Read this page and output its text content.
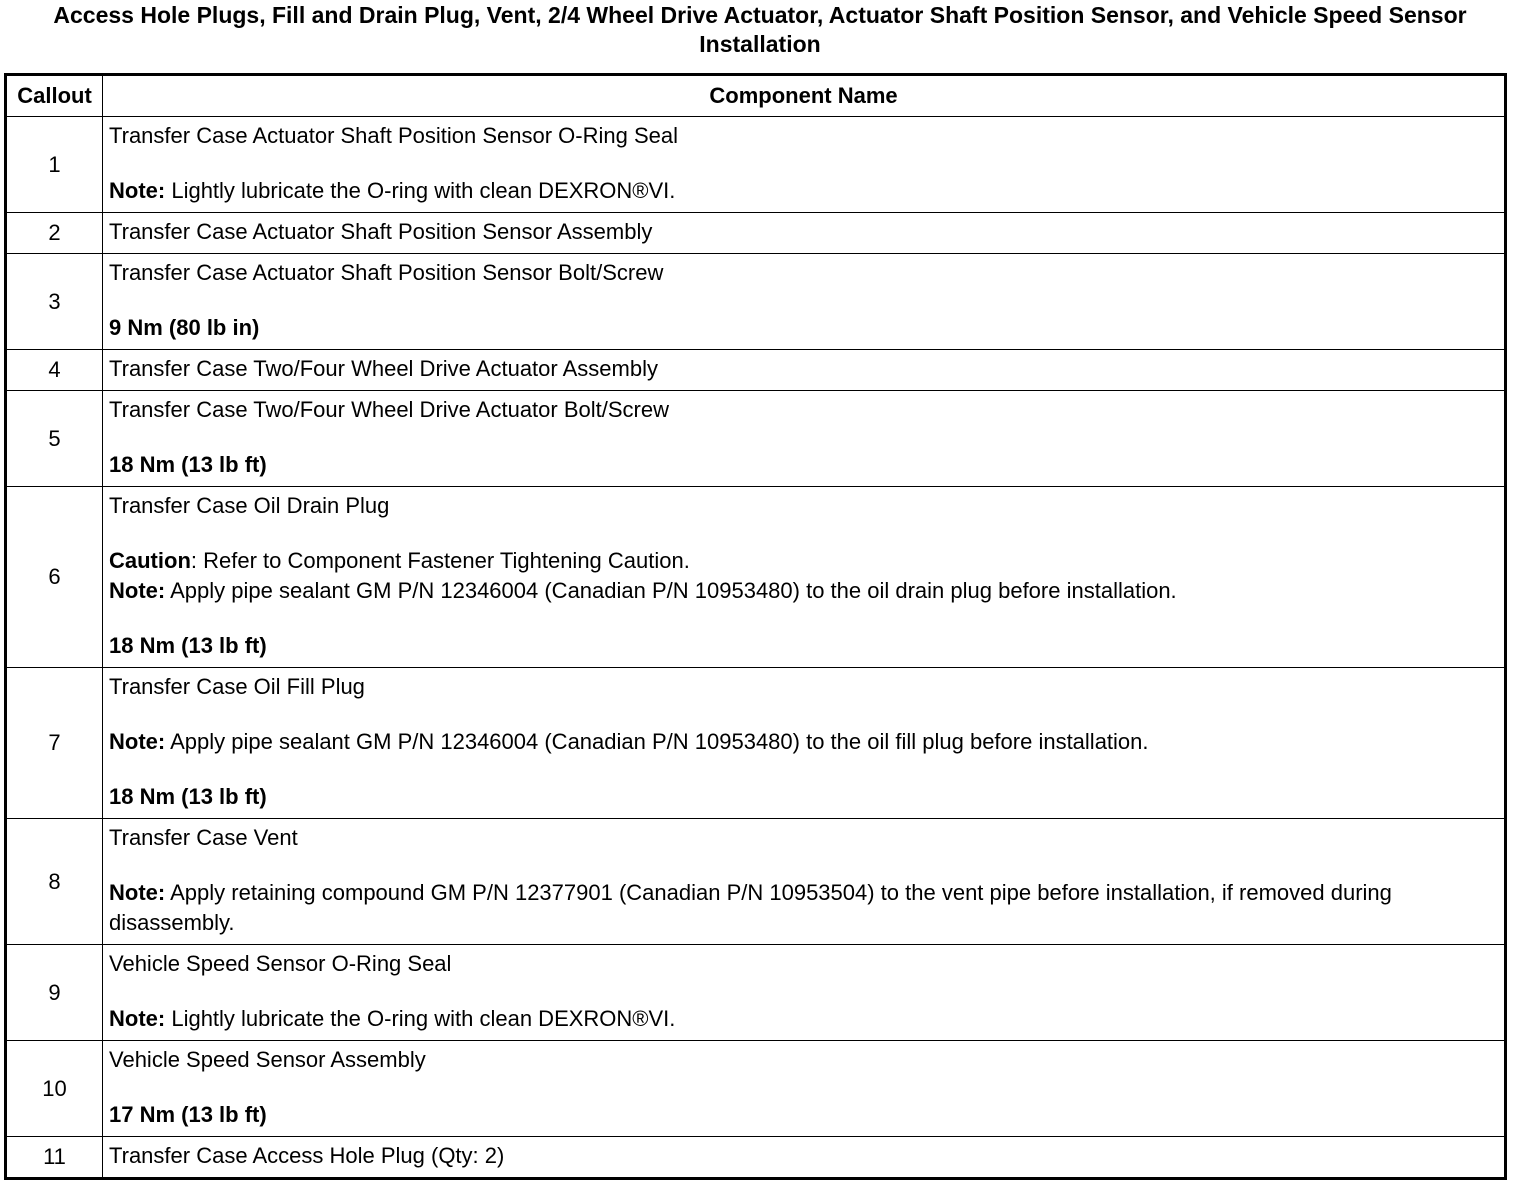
Access Hole Plugs, Fill and Drain Plug, Vent, 2/4 Wheel Drive Actuator, Actuator Shaft Position Sensor, and Vehicle Speed Sensor Installation
Callout	Component Name
1	Transfer Case Actuator Shaft Position Sensor O-Ring Seal
Note: Lightly lubricate the O-ring with clean DEXRON®VI.

2	Transfer Case Actuator Shaft Position Sensor Assembly

3	Transfer Case Actuator Shaft Position Sensor Bolt/Screw
9 Nm (80 lb in)

4	Transfer Case Two/Four Wheel Drive Actuator Assembly

5	Transfer Case Two/Four Wheel Drive Actuator Bolt/Screw
18 Nm (13 lb ft)

6	Transfer Case Oil Drain Plug
Caution: Refer to Component Fastener Tightening Caution.
Note: Apply pipe sealant GM P/N 12346004 (Canadian P/N 10953480) to the oil drain plug before installation.
18 Nm (13 lb ft)

7	Transfer Case Oil Fill Plug
Note: Apply pipe sealant GM P/N 12346004 (Canadian P/N 10953480) to the oil fill plug before installation.
18 Nm (13 lb ft)

8	Transfer Case Vent
Note: Apply retaining compound GM P/N 12377901 (Canadian P/N 10953504) to the vent pipe before installation, if removed during disassembly.

9	Vehicle Speed Sensor O-Ring Seal
Note: Lightly lubricate the O-ring with clean DEXRON®VI.

10	Vehicle Speed Sensor Assembly
17 Nm (13 lb ft)

11	Transfer Case Access Hole Plug (Qty: 2)
